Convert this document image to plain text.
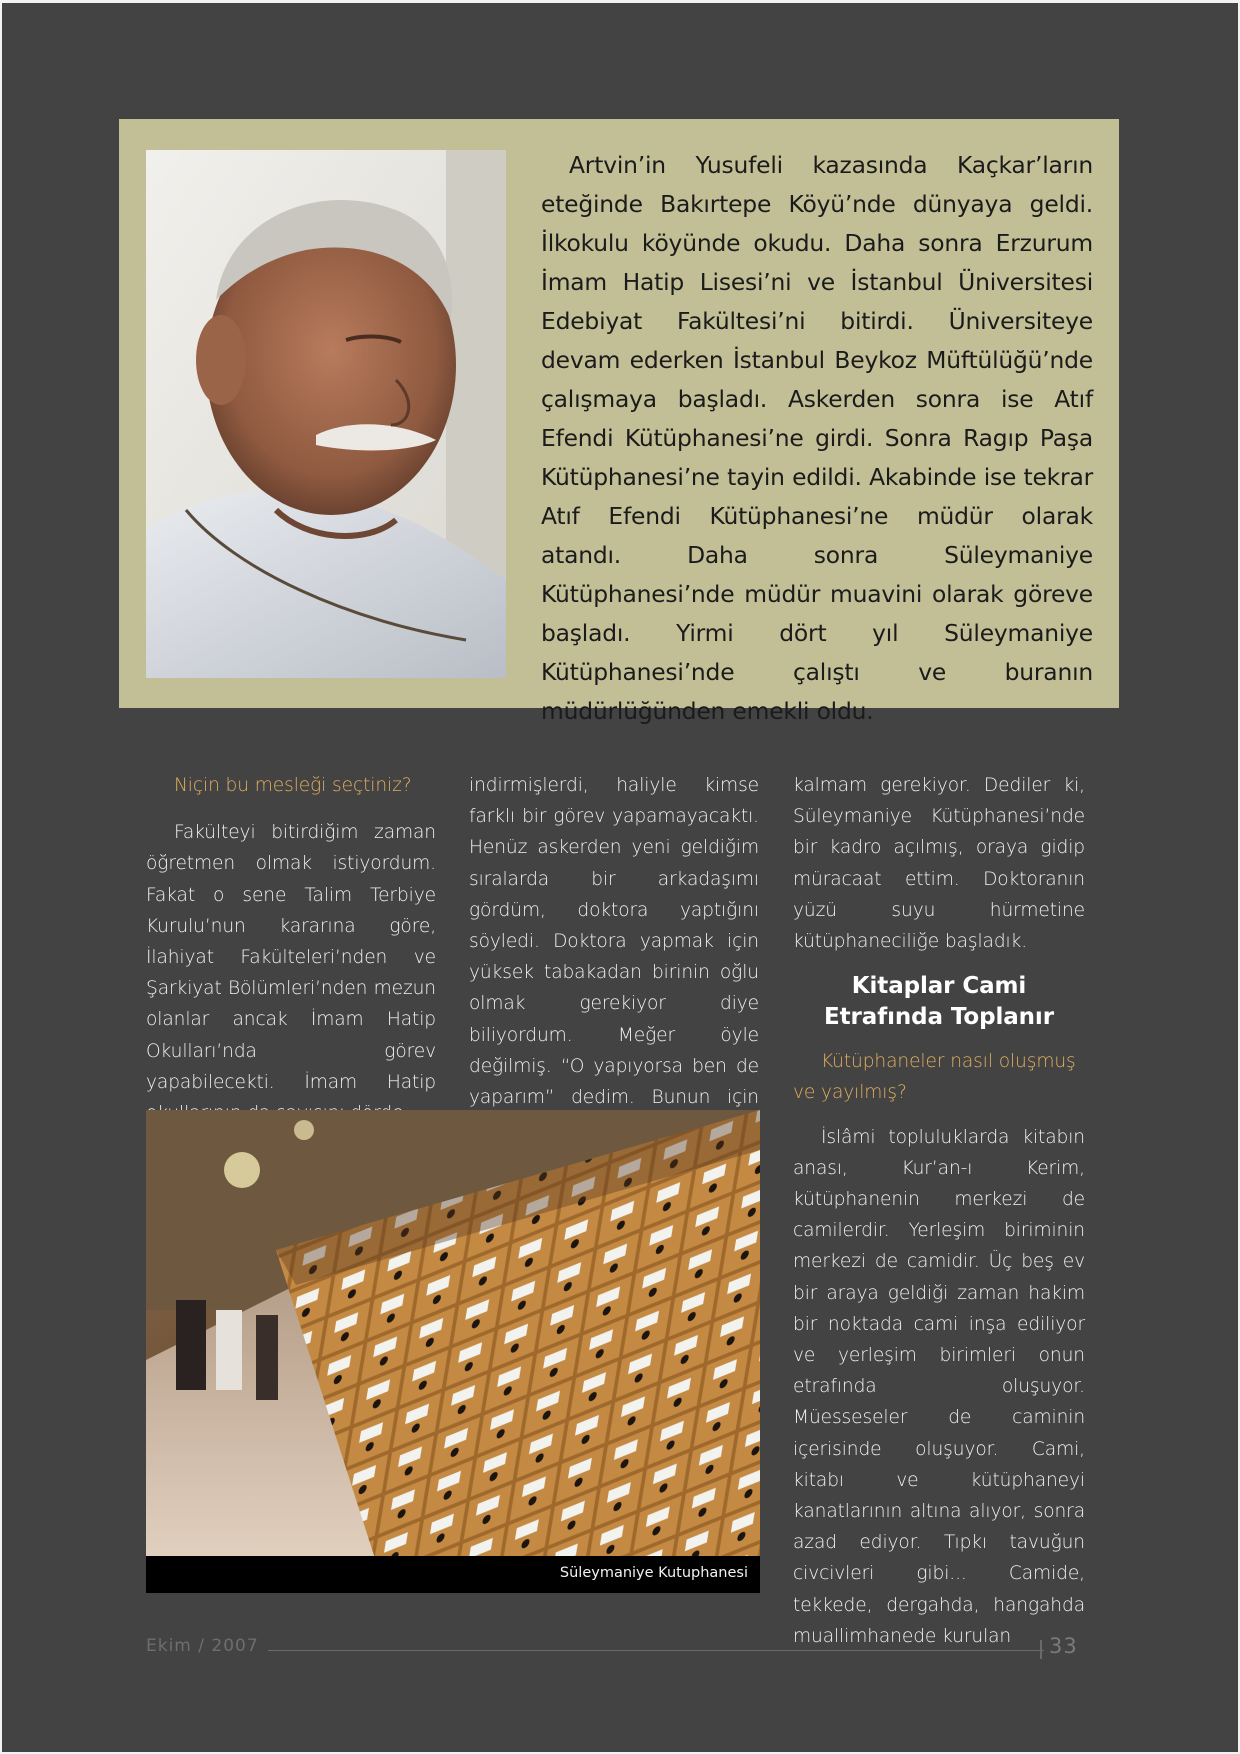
Artvin’in Yusufeli kazasında Kaçkar’ların eteğinde Bakırtepe Köyü’nde dünyaya geldi. İlkokulu köyünde okudu. Daha sonra Erzurum İmam Hatip Lisesi’ni ve İstanbul Üniversitesi Edebiyat Fakültesi’ni bitirdi. Üniversiteye devam ederken İstanbul Beykoz Müftülüğü’nde çalışmaya başladı. Askerden sonra ise Atıf Efendi Kütüphanesi’ne girdi. Sonra Ragıp Paşa Kütüphanesi’ne tayin edildi. Akabinde ise tekrar Atıf Efendi Kütüphanesi’ne müdür olarak atandı. Daha sonra Süleymaniye Kütüphanesi’nde müdür muavini olarak göreve başladı. Yirmi dört yıl Süleymaniye Kütüphanesi’nde çalıştı ve buranın müdürlüğünden emekli oldu.

Niçin bu mesleği seçtiniz?

Fakülteyi bitirdiğim zaman öğretmen olmak istiyordum. Fakat o sene Talim Terbiye Kurulu’nun kararına göre, İlahiyat Fakülteleri’nden ve Şarkiyat Bölümleri’nden mezun olanlar ancak İmam Hatip Okulları’nda görev yapabilecekti. İmam Hatip

indirmişlerdi, haliyle kimse farklı bir görev yapamayacaktı. Henüz askerden yeni geldiğim sıralarda bir arkadaşımı gördüm, doktora yaptığını söyledi. Doktora yapmak için yüksek tabakadan birinin oğlu olmak gerekiyor diye biliyordum. Meğer öyle değilmiş. “O yapıyorsa ben de yaparım” dedim. Bunun için

kalmam gerekiyor. Dediler ki, Süleymaniye Kütüphanesi’nde bir kadro açılmış, oraya gidip müracaat ettim. Doktoranın yüzü suyu hürmetine kütüphaneciliğe başladık.

Kitaplar Cami Etrafında Toplanır

Kütüphaneler nasıl oluşmuş ve yayılmış?

İslâmi topluluklarda kitabın anası, Kur’an-ı Kerim, kütüphanenin merkezi de camilerdir. Yerleşim biriminin merkezi de camidir. Üç beş ev bir araya geldiği zaman hakim bir noktada cami inşa ediliyor ve yerleşim birimleri onun etrafında oluşuyor. Müesseseler de caminin içerisinde oluşuyor. Cami, kitabı ve kütüphaneyi kanatlarının altına alıyor, sonra azad ediyor. Tıpkı tavuğun civcivleri gibi... Camide, tekkede, dergahda, hangahda muallimhanede kurulan

Süleymaniye Kutuphanesi
Ekim / 2007	33
